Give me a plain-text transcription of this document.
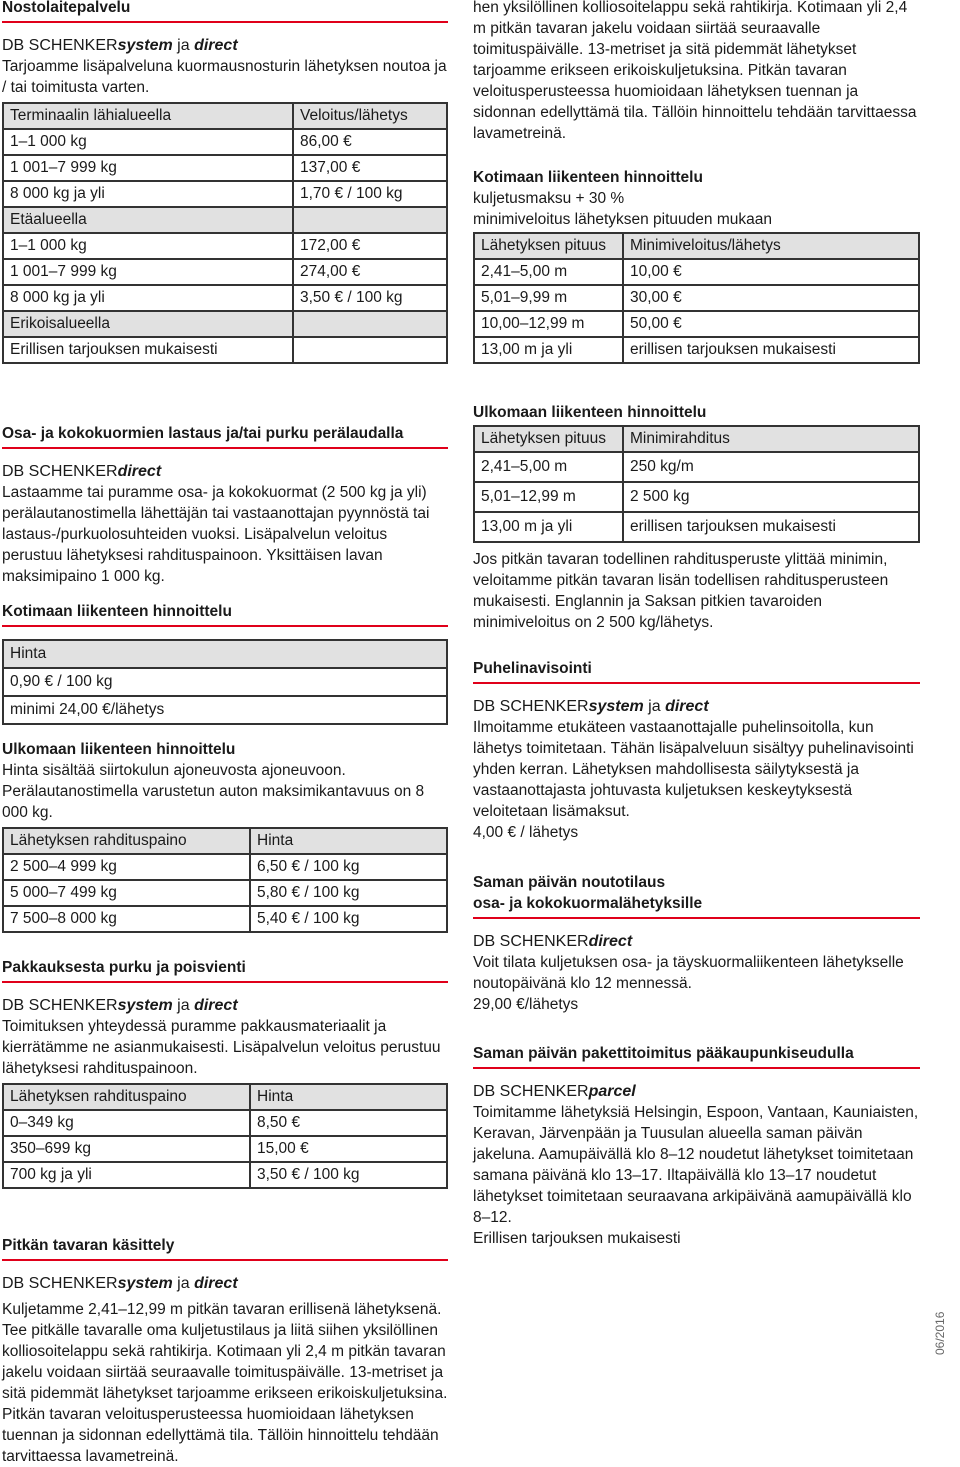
Nostolaitepalvelu
DB SCHENKERsystem ja direct

Tarjoamme lisäpalveluna kuormausnosturin lähetyksen noutoa ja / tai toimitusta varten.

Terminaalin lähialueella	Veloitus/lähetys
1–1 000 kg	86,00 €
1 001–7 999 kg	137,00 €
8 000 kg ja yli	1,70 € / 100 kg
Etäalueella	
1–1 000 kg	172,00 €
1 001–7 999 kg	274,00 €
8 000 kg ja yli	3,50 € / 100 kg
Erikoisalueella	
Erillisen tarjouksen mukaisesti	
Osa- ja kokokuormien lastaus ja/tai purku perälaudalla
DB SCHENKERdirect

Lastaamme tai puramme osa- ja kokokuormat (2 500 kg ja yli) perälautanostimella lähettäjän tai vastaanottajan pyynnöstä tai lastaus-/purkuolosuhteiden vuoksi. Lisäpalvelun veloitus perustuu lähetyksesi rahdituspainoon. Yksittäisen lavan maksimipaino 1 000 kg.

Kotimaan liikenteen hinnoittelu
Hinta
0,90 € / 100 kg
minimi 24,00 €/lähetys
Ulkomaan liikenteen hinnoittelu

Hinta sisältää siirtokulun ajoneuvosta ajoneuvoon. Perälautanostimella varustetun auton maksimikantavuus on 8 000 kg.

Lähetyksen rahdituspaino	Hinta
2 500–4 999 kg	6,50 € / 100 kg
5 000–7 499 kg	5,80 € / 100 kg
7 500–8 000 kg	5,40 € / 100 kg
Pakkauksesta purku ja poisvienti
DB SCHENKERsystem ja direct

Toimituksen yhteydessä puramme pakkausmateriaalit ja kierrätämme ne asianmukaisesti. Lisäpalvelun veloitus perustuu lähetyksesi rahdituspainoon.

Lähetyksen rahdituspaino	Hinta
0–349 kg	8,50 €
350–699 kg	15,00 €
700 kg ja yli	3,50 € / 100 kg
Pitkän tavaran käsittely
DB SCHENKERsystem ja direct

Kuljetamme 2,41–12,99 m pitkän tavaran erillisenä lähetyksenä. Tee pitkälle tavaralle oma kuljetustilaus ja liitä siihen yksilöllinen kolliosoitelappu sekä rahtikirja. Kotimaan yli 2,4 m pitkän tavaran jakelu voidaan siirtää seuraavalle toimituspäivälle. 13-metriset ja sitä pidemmät lähetykset tarjoamme erikseen erikoiskuljetuksina. Pitkän tavaran veloitusperusteessa huomioidaan lähetyksen tuennan ja sidonnan edellyttämä tila. Tällöin hinnoittelu tehdään tarvittaessa lavametreinä.

hen yksilöllinen kolliosoitelappu sekä rahtikirja. Kotimaan yli 2,4 m pitkän tavaran jakelu voidaan siirtää seuraavalle toimituspäivälle. 13-metriset ja sitä pidemmät lähetykset tarjoamme erikseen erikoiskuljetuksina. Pitkän tavaran veloitusperusteessa huomioidaan lähetyksen tuennan ja sidonnan edellyttämä tila. Tällöin hinnoittelu tehdään tarvittaessa lavametreinä.

Kotimaan liikenteen hinnoittelu
kuljetusmaksu + 30 %
minimiveloitus lähetyksen pituuden mukaan
Lähetyksen pituus	Minimiveloitus/lähetys
2,41–5,00 m	10,00 €
5,01–9,99 m	30,00 €
10,00–12,99 m	50,00 €
13,00 m ja yli	erillisen tarjouksen mukaisesti
Ulkomaan liikenteen hinnoittelu
Lähetyksen pituus	Minimirahditus
2,41–5,00 m	250 kg/m
5,01–12,99 m	2 500 kg
13,00 m ja yli	erillisen tarjouksen mukaisesti

Jos pitkän tavaran todellinen rahditusperuste ylittää minimin, veloitamme pitkän tavaran lisän todellisen rahditusperusteen mukaisesti. Englannin ja Saksan pitkien tavaroiden minimiveloitus on 2 500 kg/lähetys.

Puhelinavisointi
DB SCHENKERsystem ja direct

Ilmoitamme etukäteen vastaanottajalle puhelinsoitolla, kun lähetys toimitetaan. Tähän lisäpalveluun sisältyy puhelinavisointi yhden kerran. Lähetyksen mahdollisesta säilytyksestä ja vastaanottajasta johtuvasta kuljetuksen keskeytyksestä veloitetaan lisämaksut.

4,00 € / lähetys
Saman päivän noutotilaus
osa- ja kokokuormalähetyksille
DB SCHENKERdirect

Voit tilata kuljetuksen osa- ja täyskuormaliikenteen lähetykselle noutopäivänä klo 12 mennessä.

29,00 €/lähetys
Saman päivän pakettitoimitus pääkaupunkiseudulla
DB SCHENKERparcel

Toimitamme lähetyksiä Helsingin, Espoon, Vantaan, Kauniaisten, Keravan, Järvenpään ja Tuusulan alueella saman päivän jakeluna. Aamupäivällä klo 8–12 noudetut lähetykset toimitetaan samana päivänä klo 13–17. Iltapäivällä klo 13–17 noudetut lähetykset toimitetaan seuraavana arkipäivänä aamupäivällä klo 8–12.

Erillisen tarjouksen mukaisesti
06/2016
